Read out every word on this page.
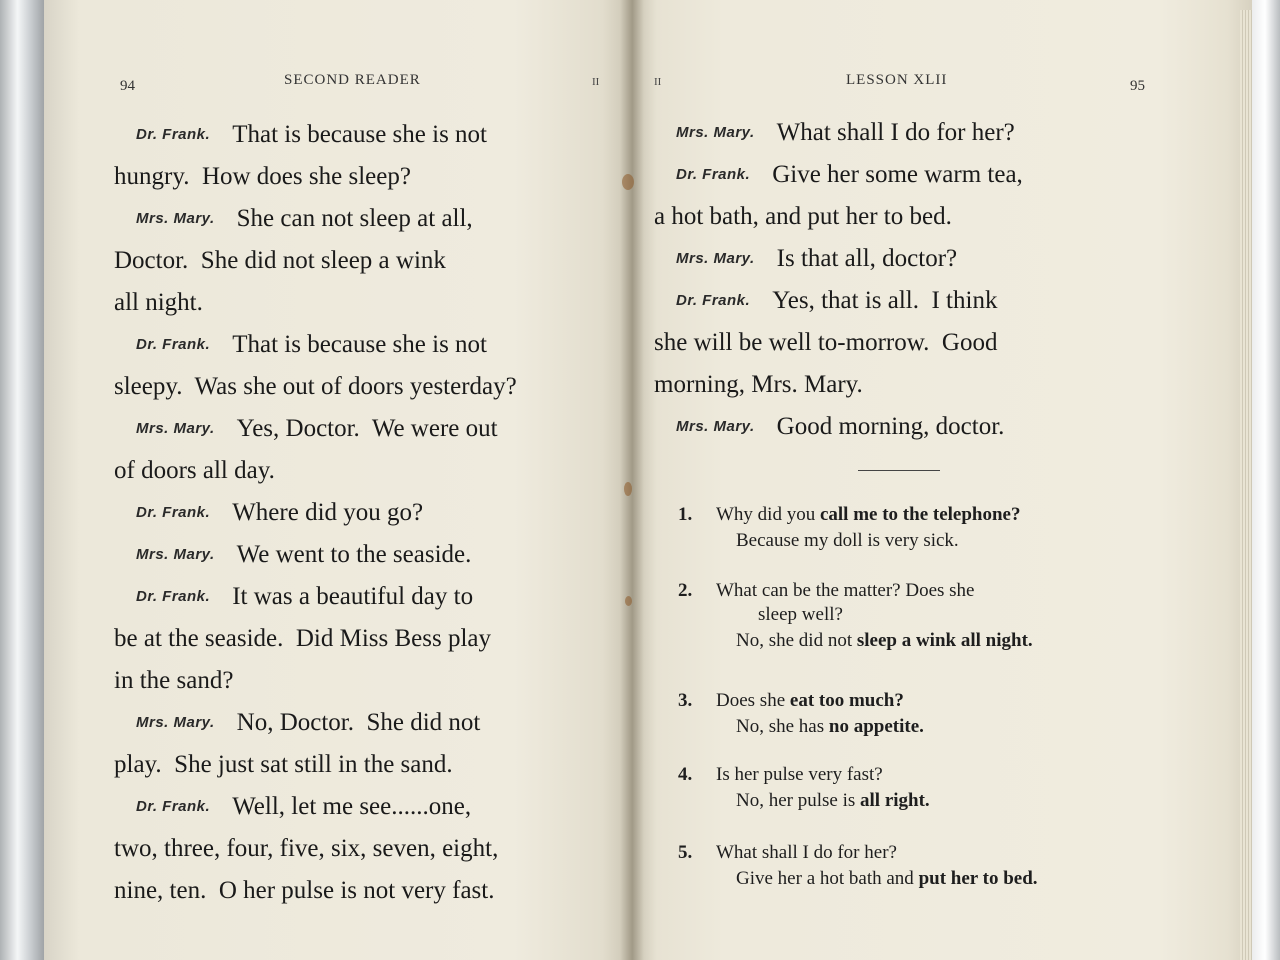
94	SECOND READER	II
Dr. Frank. That is because she is not
hungry.  How does she sleep?
Mrs. Mary. She can not sleep at all,
Doctor.  She did not sleep a wink
all night.
Dr. Frank. That is because she is not
sleepy.  Was she out of doors yesterday?
Mrs. Mary. Yes, Doctor.  We were out
of doors all day.
Dr. Frank. Where did you go?
Mrs. Mary. We went to the seaside.
Dr. Frank. It was a beautiful day to
be at the seaside.  Did Miss Bess play
in the sand?
Mrs. Mary. No, Doctor.  She did not
play.  She just sat still in the sand.
Dr. Frank. Well, let me see......one,
two, three, four, five, six, seven, eight,
nine, ten.  O her pulse is not very fast.
II	LESSON XLII	95
Mrs. Mary. What shall I do for her?
Dr. Frank. Give her some warm tea,
a hot bath, and put her to bed.
Mrs. Mary. Is that all, doctor?
Dr. Frank. Yes, that is all.  I think
she will be well to-morrow.  Good
morning, Mrs. Mary.
Mrs. Mary. Good morning, doctor.
1. Why did you call me to the telephone?
Because my doll is very sick.
2. What can be the matter? Does she
sleep well?
No, she did not sleep a wink all night.
3. Does she eat too much?
No, she has no appetite.
4. Is her pulse very fast?
No, her pulse is all right.
5. What shall I do for her?
Give her a hot bath and put her to bed.
